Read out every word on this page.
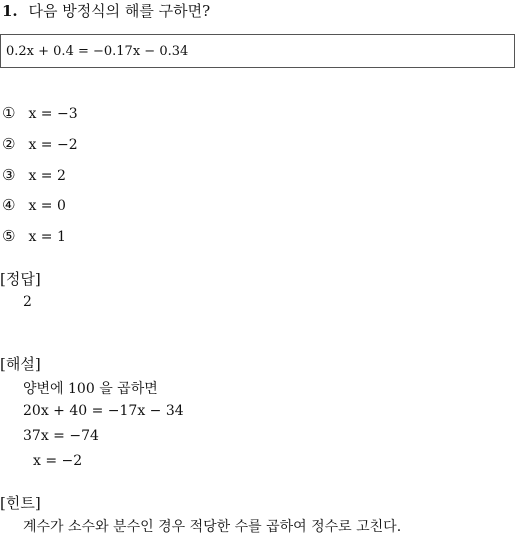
1. 다음 방정식의 해를 구하면?
0.2x + 0.4 = −0.17x − 0.34
① x = −3
② x = −2
③ x = 2
④ x = 0
⑤ x = 1
[정답]
2
[해설]
양변에 100 을 곱하면
20x + 40 = −17x − 34
37x = −74
x = −2
[힌트]
계수가 소수와 분수인 경우 적당한 수를 곱하여 정수로 고친다.
